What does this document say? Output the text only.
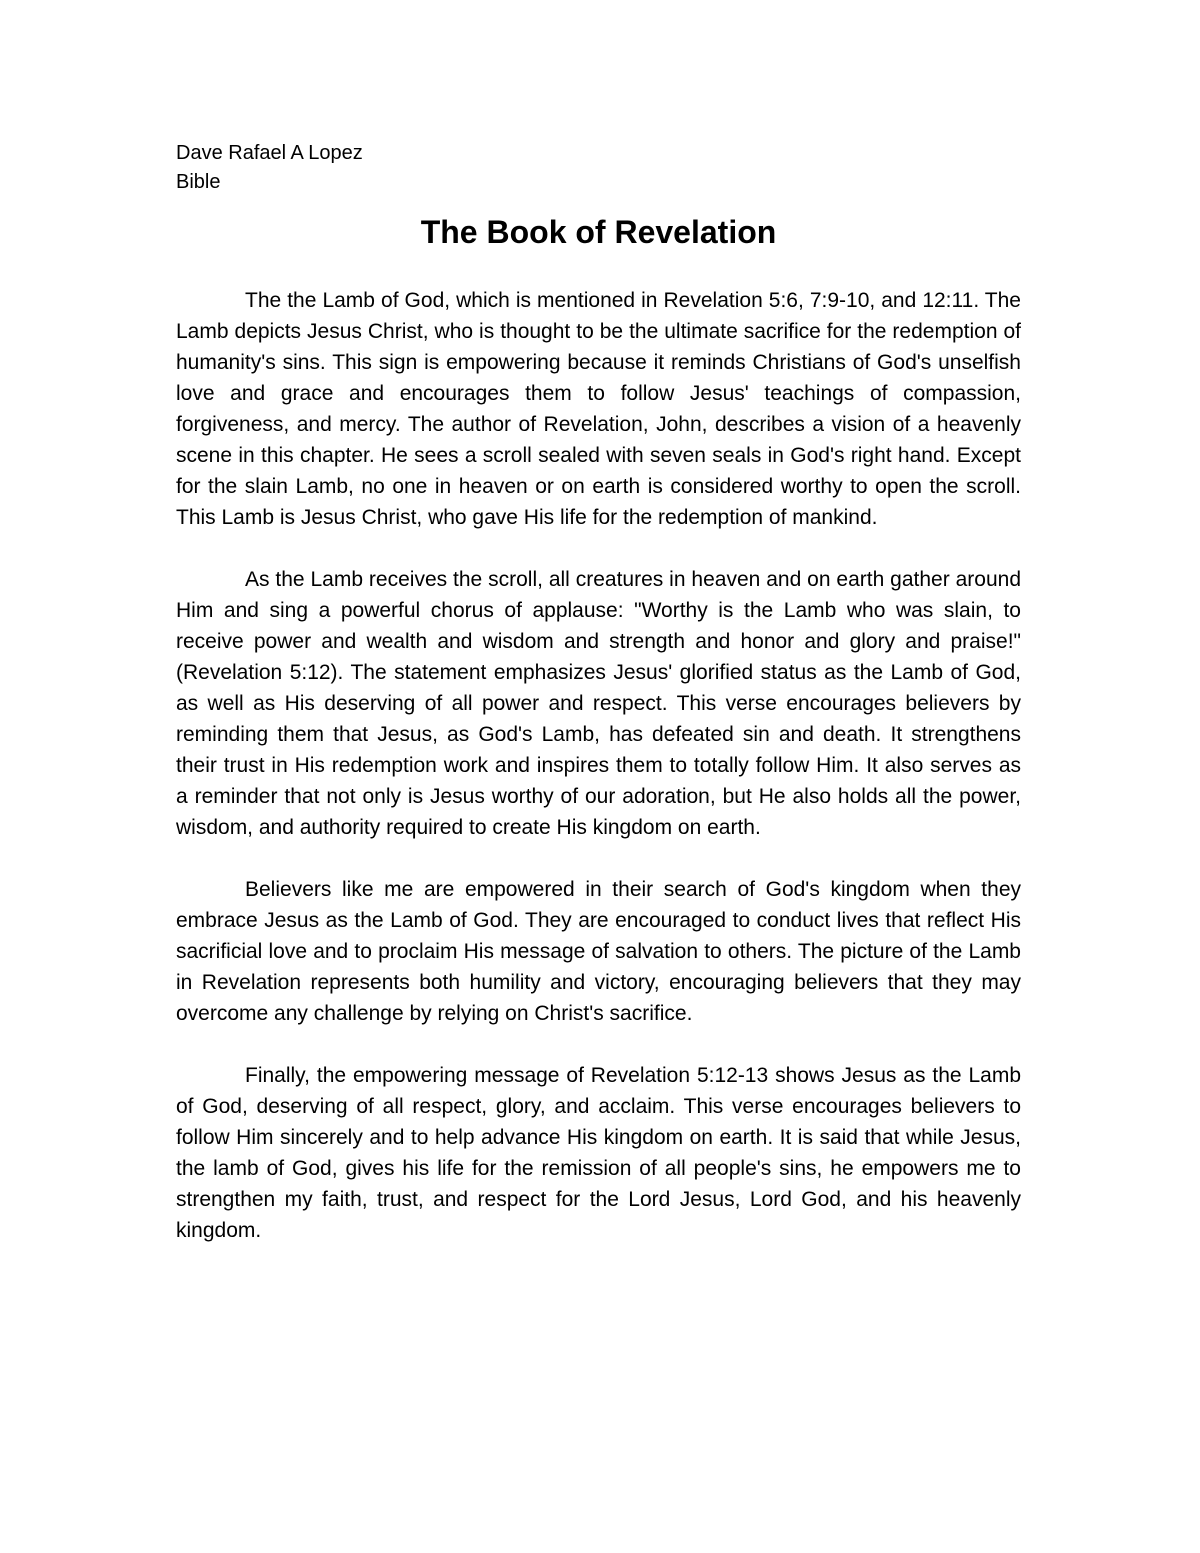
Dave Rafael A Lopez

Bible

The Book of Revelation

The the Lamb of God, which is mentioned in Revelation 5:6, 7:9-10, and 12:11. The Lamb depicts Jesus Christ, who is thought to be the ultimate sacrifice for the redemption of humanity's sins. This sign is empowering because it reminds Christians of God's unselfish love and grace and encourages them to follow Jesus' teachings of compassion, forgiveness, and mercy. The author of Revelation, John, describes a vision of a heavenly scene in this chapter. He sees a scroll sealed with seven seals in God's right hand. Except for the slain Lamb, no one in heaven or on earth is considered worthy to open the scroll. This Lamb is Jesus Christ, who gave His life for the redemption of mankind.

As the Lamb receives the scroll, all creatures in heaven and on earth gather around Him and sing a powerful chorus of applause: "Worthy is the Lamb who was slain, to receive power and wealth and wisdom and strength and honor and glory and praise!" (Revelation 5:12). The statement emphasizes Jesus' glorified status as the Lamb of God, as well as His deserving of all power and respect. This verse encourages believers by reminding them that Jesus, as God's Lamb, has defeated sin and death. It strengthens their trust in His redemption work and inspires them to totally follow Him. It also serves as a reminder that not only is Jesus worthy of our adoration, but He also holds all the power, wisdom, and authority required to create His kingdom on earth.

Believers like me are empowered in their search of God's kingdom when they embrace Jesus as the Lamb of God. They are encouraged to conduct lives that reflect His sacrificial love and to proclaim His message of salvation to others. The picture of the Lamb in Revelation represents both humility and victory, encouraging believers that they may overcome any challenge by relying on Christ's sacrifice.

Finally, the empowering message of Revelation 5:12-13 shows Jesus as the Lamb of God, deserving of all respect, glory, and acclaim. This verse encourages believers to follow Him sincerely and to help advance His kingdom on earth. It is said that while Jesus, the lamb of God, gives his life for the remission of all people's sins, he empowers me to strengthen my faith, trust, and respect for the Lord Jesus, Lord God, and his heavenly kingdom.
